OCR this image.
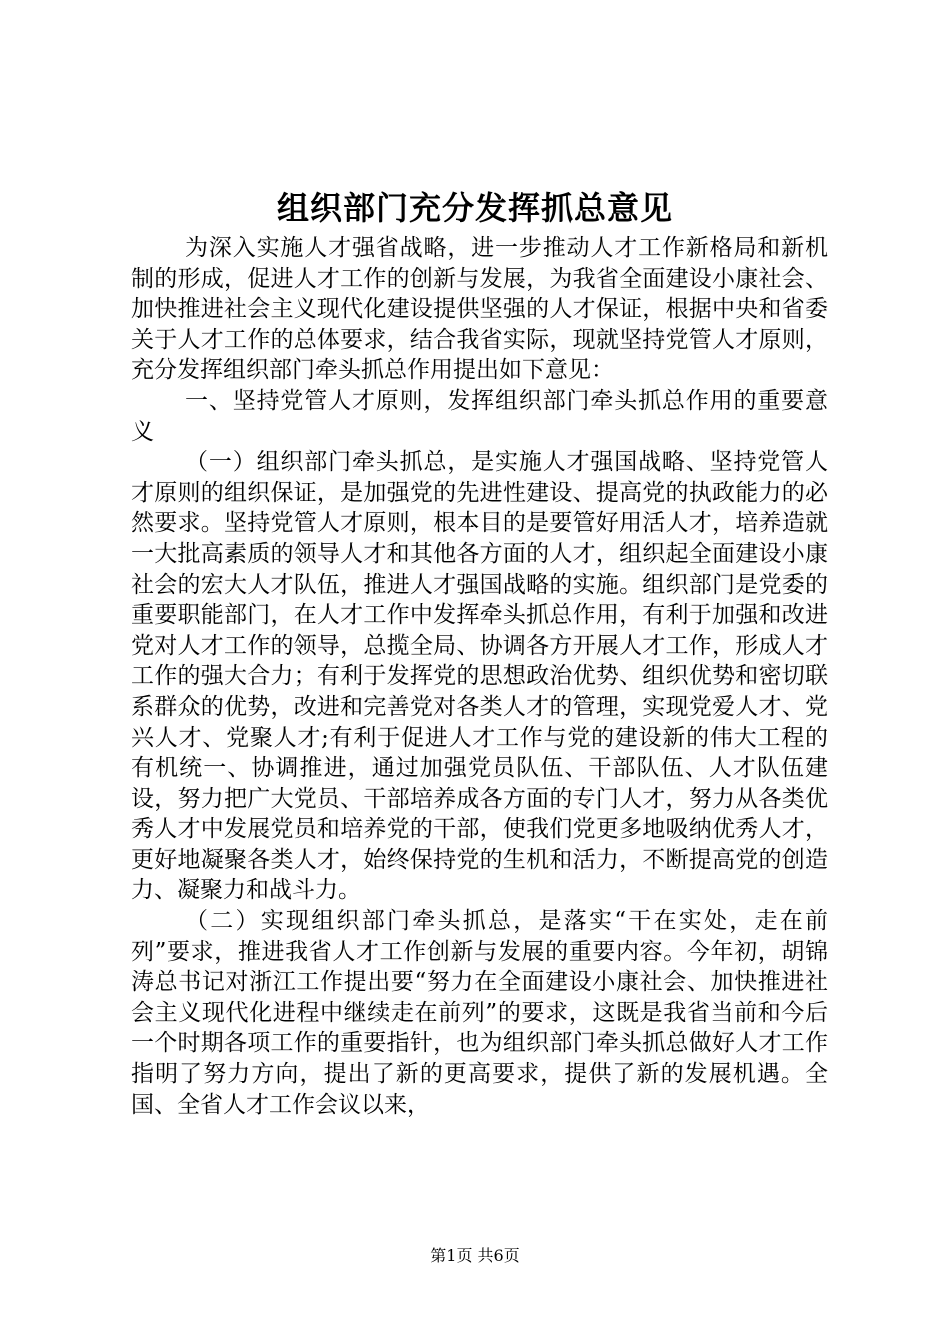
组织部门充分发挥抓总意见

为深入实施人才强省战略，进一步推动人才工作新格局和新机制的形成，促进人才工作的创新与发展，为我省全面建设小康社会、加快推进社会主义现代化建设提供坚强的人才保证，根据中央和省委关于人才工作的总体要求，结合我省实际，现就坚持党管人才原则，充分发挥组织部门牵头抓总作用提出如下意见：

一、坚持党管人才原则，发挥组织部门牵头抓总作用的重要意义

（一）组织部门牵头抓总，是实施人才强国战略、坚持党管人才原则的组织保证，是加强党的先进性建设、提高党的执政能力的必然要求。坚持党管人才原则，根本目的是要管好用活人才，培养造就一大批高素质的领导人才和其他各方面的人才，组织起全面建设小康社会的宏大人才队伍，推进人才强国战略的实施。组织部门是党委的重要职能部门，在人才工作中发挥牵头抓总作用，有利于加强和改进党对人才工作的领导，总揽全局、协调各方开展人才工作，形成人才工作的强大合力；有利于发挥党的思想政治优势、组织优势和密切联系群众的优势，改进和完善党对各类人才的管理，实现党爱人才、党兴人才、党聚人才;有利于促进人才工作与党的建设新的伟大工程的有机统一、协调推进，通过加强党员队伍、干部队伍、人才队伍建设，努力把广大党员、干部培养成各方面的专门人才，努力从各类优秀人才中发展党员和培养党的干部，使我们党更多地吸纳优秀人才，更好地凝聚各类人才，始终保持党的生机和活力，不断提高党的创造力、凝聚力和战斗力。

（二）实现组织部门牵头抓总，是落实“干在实处，走在前列”要求，推进我省人才工作创新与发展的重要内容。今年初，胡锦涛总书记对浙江工作提出要“努力在全面建设小康社会、加快推进社会主义现代化进程中继续走在前列”的要求，这既是我省当前和今后一个时期各项工作的重要指针，也为组织部门牵头抓总做好人才工作指明了努力方向，提出了新的更高要求，提供了新的发展机遇。全国、全省人才工作会议以来，

第1页 共6页
